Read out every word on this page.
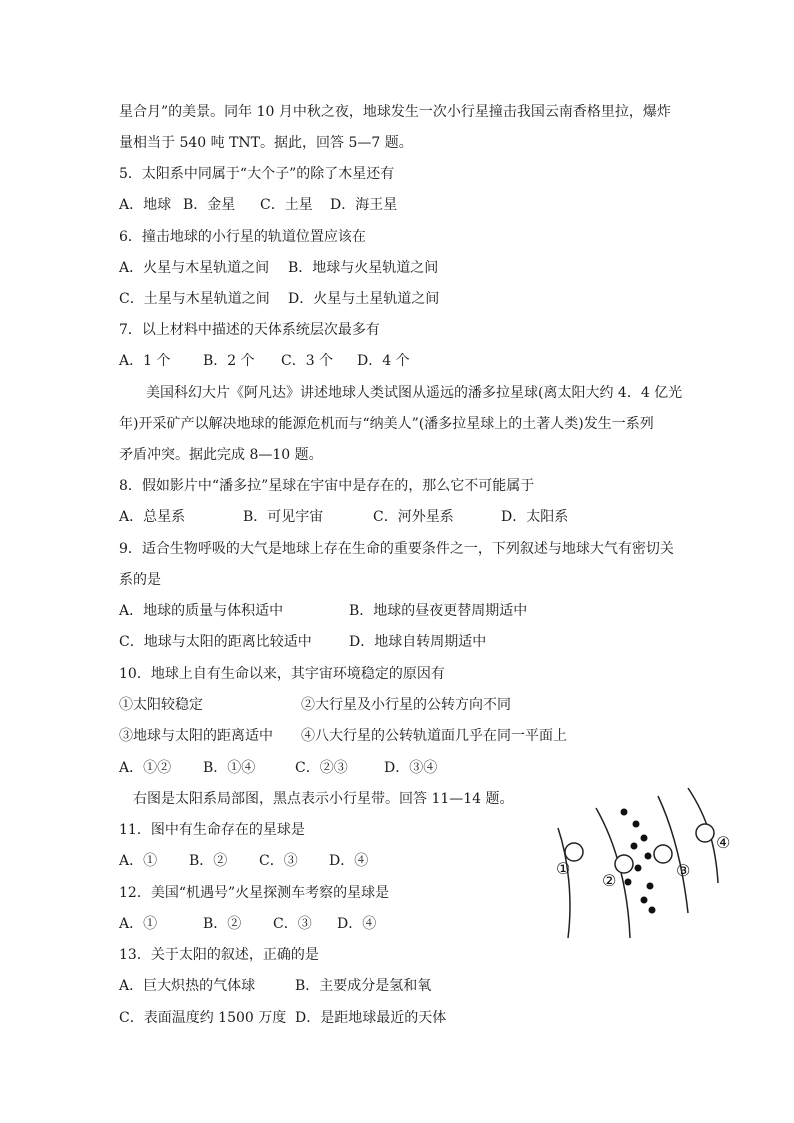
星合月”的美景。同年 10 月中秋之夜，地球发生一次小行星撞击我国云南香格里拉，爆炸
量相当于 540 吨 TNT。据此，回答 5—7 题。
5．太阳系中同属于“大个子”的除了木星还有
A．地球 B．金星 C．土星 D．海王星
6．撞击地球的小行星的轨道位置应该在
A．火星与木星轨道之间 B．地球与火星轨道之间
C．土星与木星轨道之间 D．火星与土星轨道之间
7．以上材料中描述的天体系统层次最多有
A．1 个 B．2 个 C．3 个 D．4 个
美国科幻大片《阿凡达》讲述地球人类试图从遥远的潘多拉星球(离太阳大约 4．4 亿光
年)开采矿产以解决地球的能源危机而与“纳美人”(潘多拉星球上的土著人类)发生一系列
矛盾冲突。据此完成 8—10 题。
8．假如影片中“潘多拉”星球在宇宙中是存在的，那么它不可能属于
A．总星系	B．可见宇宙	C．河外星系	D．太阳系
9．适合生物呼吸的大气是地球上存在生命的重要条件之一，下列叙述与地球大气有密切关
系的是
A．地球的质量与体积适中	B．地球的昼夜更替周期适中
C．地球与太阳的距离比较适中	D．地球自转周期适中
10．地球上自有生命以来，其宇宙环境稳定的原因有
①太阳较稳定	②大行星及小行星的公转方向不同
③地球与太阳的距离适中 ④八大行星的公转轨道面几乎在同一平面上
A．①② B．①④	C．②③	D．③④
右图是太阳系局部图，黑点表示小行星带。回答 11—14 题。
11．图中有生命存在的星球是
A．① B．② C．③ D．④
12．美国“机遇号”火星探测车考察的星球是
A．①	B．② C．③ D．④
13．关于太阳的叙述，正确的是
A．巨大炽热的气体球	B．主要成分是氢和氧
C．表面温度约 1500 万度 D．是距地球最近的天体
①
②
③
④
